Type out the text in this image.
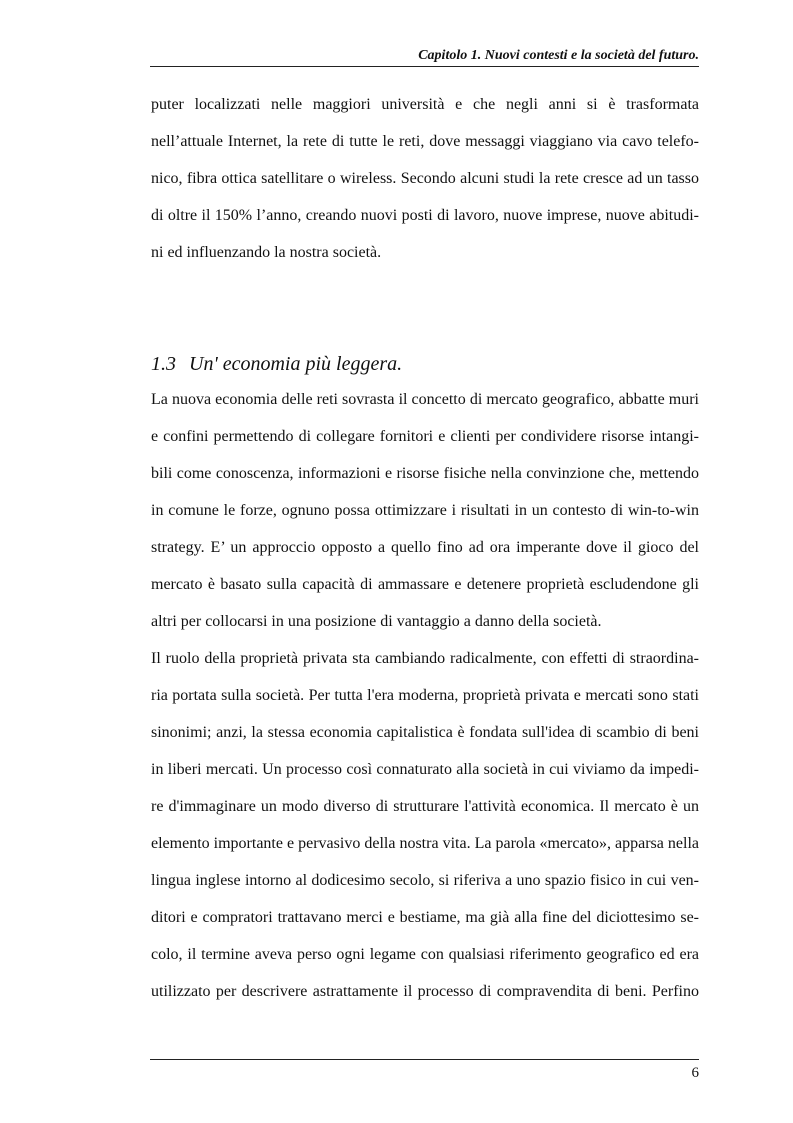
Capitolo 1. Nuovi contesti e la società del futuro.
puter localizzati nelle maggiori università e che negli anni si è trasformata
nell’attuale Internet, la rete di tutte le reti, dove messaggi viaggiano via cavo telefo-
nico, fibra ottica satellitare o wireless. Secondo alcuni studi la rete cresce ad un tasso
di oltre il 150% l’anno, creando nuovi posti di lavoro, nuove imprese, nuove abitudi-
ni ed influenzando la nostra società.
1.3 Un' economia più leggera.
La nuova economia delle reti sovrasta il concetto di mercato geografico, abbatte muri
e confini permettendo di collegare fornitori e clienti per condividere risorse intangi-
bili come conoscenza, informazioni e risorse fisiche nella convinzione che, mettendo
in comune le forze, ognuno possa ottimizzare i risultati in un contesto di win-to-win
strategy. E’ un approccio opposto a quello fino ad ora imperante dove il gioco del
mercato è basato sulla capacità di ammassare e detenere proprietà escludendone gli
altri per collocarsi in una posizione di vantaggio a danno della società.
Il ruolo della proprietà privata sta cambiando radicalmente, con effetti di straordina-
ria portata sulla società. Per tutta l'era moderna, proprietà privata e mercati sono stati
sinonimi; anzi, la stessa economia capitalistica è fondata sull'idea di scambio di beni
in liberi mercati. Un processo così connaturato alla società in cui viviamo da impedi-
re d'immaginare un modo diverso di strutturare l'attività economica. Il mercato è un
elemento importante e pervasivo della nostra vita. La parola «mercato», apparsa nella
lingua inglese intorno al dodicesimo secolo, si riferiva a uno spazio fisico in cui ven-
ditori e compratori trattavano merci e bestiame, ma già alla fine del diciottesimo se-
colo, il termine aveva perso ogni legame con qualsiasi riferimento geografico ed era
utilizzato per descrivere astrattamente il processo di compravendita di beni. Perfino
6
